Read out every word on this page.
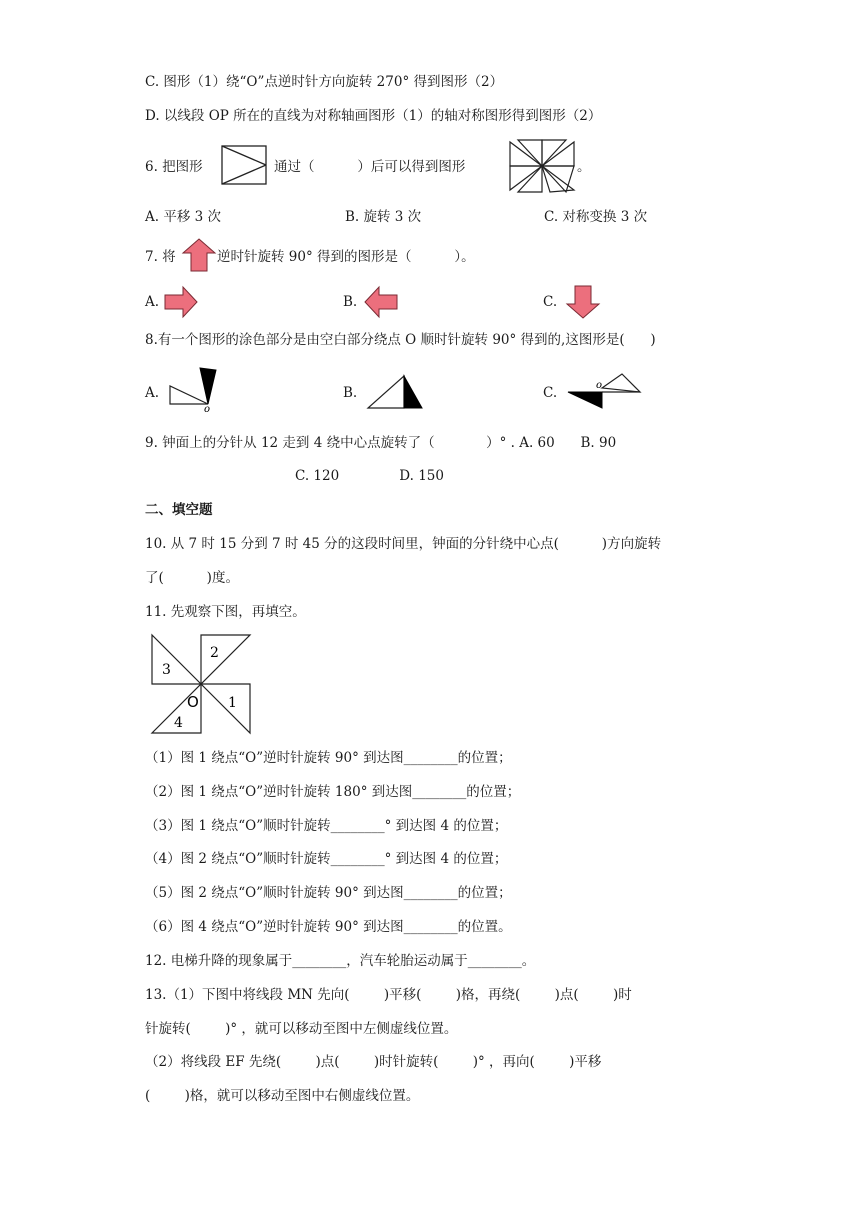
C. 图形（1）绕“O”点逆时针方向旋转 270° 得到图形（2）
D. 以线段 OP 所在的直线为对称轴画图形（1）的轴对称图形得到图形（2）
6. 把图形	通过（          ）后可以得到图形	。
A. 平移 3 次	B. 旋转 3 次	C. 对称变换 3 次
7. 将	逆时针旋转 90° 得到的图形是（          ）。
A.	B.	C.
8.有一个图形的涂色部分是由空白部分绕点 O 顺时针旋转 90° 得到的,这图形是(      )
A.
o
B.	C.	o
9. 钟面上的分针从 12 走到 4 绕中心点旋转了（            ）° . A. 60      B. 90
C. 120              D. 150
二、填空题
10. 从 7 时 15 分到 7 时 45 分的这段时间里，钟面的分针绕中心点(          )方向旋转
了(          )度。
11. 先观察下图，再填空。
1
2
3
4
O
（1）图 1 绕点“O”逆时针旋转 90° 到达图________的位置；
（2）图 1 绕点“O”逆时针旋转 180° 到达图________的位置；
（3）图 1 绕点“O”顺时针旋转________° 到达图 4 的位置；
（4）图 2 绕点“O”顺时针旋转________° 到达图 4 的位置；
（5）图 2 绕点“O”顺时针旋转 90° 到达图________的位置；
（6）图 4 绕点“O”逆时针旋转 90° 到达图________的位置。
12. 电梯升降的现象属于________，汽车轮胎运动属于________。
13.（1）下图中将线段 MN 先向(        )平移(        )格，再绕(        )点(        )时
针旋转(        )° ，就可以移动至图中左侧虚线位置。
（2）将线段 EF 先绕(        )点(        )时针旋转(        )° ，再向(        )平移
(        )格，就可以移动至图中右侧虚线位置。
